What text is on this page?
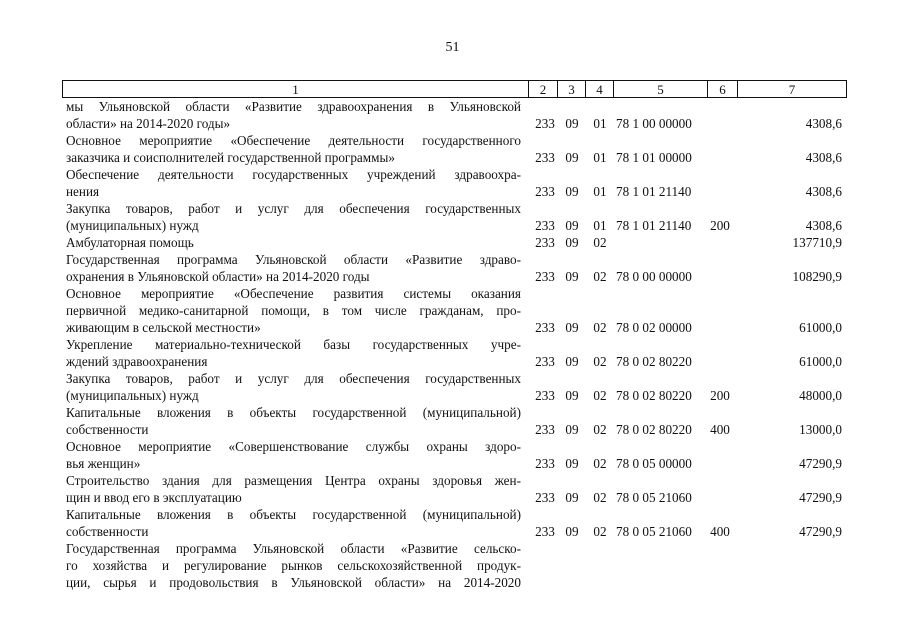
51
1	2	3	4	5	6	7
мы Ульяновской области «Развитие здравоохранения в Ульяновской
области» на 2014-2020 годы»	233 09	01 78 1 00 00000	4308,6
Основное мероприятие «Обеспечение деятельности государственного
заказчика и соисполнителей государственной программы»	233 09	01 78 1 01 00000	4308,6
Обеспечение деятельности государственных учреждений здравоохра-
нения	233 09	01 78 1 01 21140	4308,6
Закупка товаров, работ и услуг для обеспечения государственных
(муниципальных) нужд	233 09	01 78 1 01 21140	200	4308,6
Амбулаторная помощь	233 09	02	137710,9
Государственная программа Ульяновской области «Развитие здраво-
охранения в Ульяновской области» на 2014-2020 годы	233 09	02 78 0 00 00000	108290,9
Основное мероприятие «Обеспечение развития системы оказания
первичной медико-санитарной помощи, в том числе гражданам, про-
живающим в сельской местности»	233 09	02 78 0 02 00000	61000,0
Укрепление материально-технической базы государственных учре-
ждений здравоохранения	233 09	02 78 0 02 80220	61000,0
Закупка товаров, работ и услуг для обеспечения государственных
(муниципальных) нужд	233 09	02 78 0 02 80220	200	48000,0
Капитальные вложения в объекты государственной (муниципальной)
собственности	233 09	02 78 0 02 80220	400	13000,0
Основное мероприятие «Совершенствование службы охраны здоро-
вья женщин»	233 09	02 78 0 05 00000	47290,9
Строительство здания для размещения Центра охраны здоровья жен-
щин и ввод его в эксплуатацию	233 09	02 78 0 05 21060	47290,9
Капитальные вложения в объекты государственной (муниципальной)
собственности	233 09	02 78 0 05 21060	400	47290,9
Государственная программа Ульяновской области «Развитие сельско-
го хозяйства и регулирование рынков сельскохозяйственной продук-
ции, сырья и продовольствия в Ульяновской области» на 2014-2020
